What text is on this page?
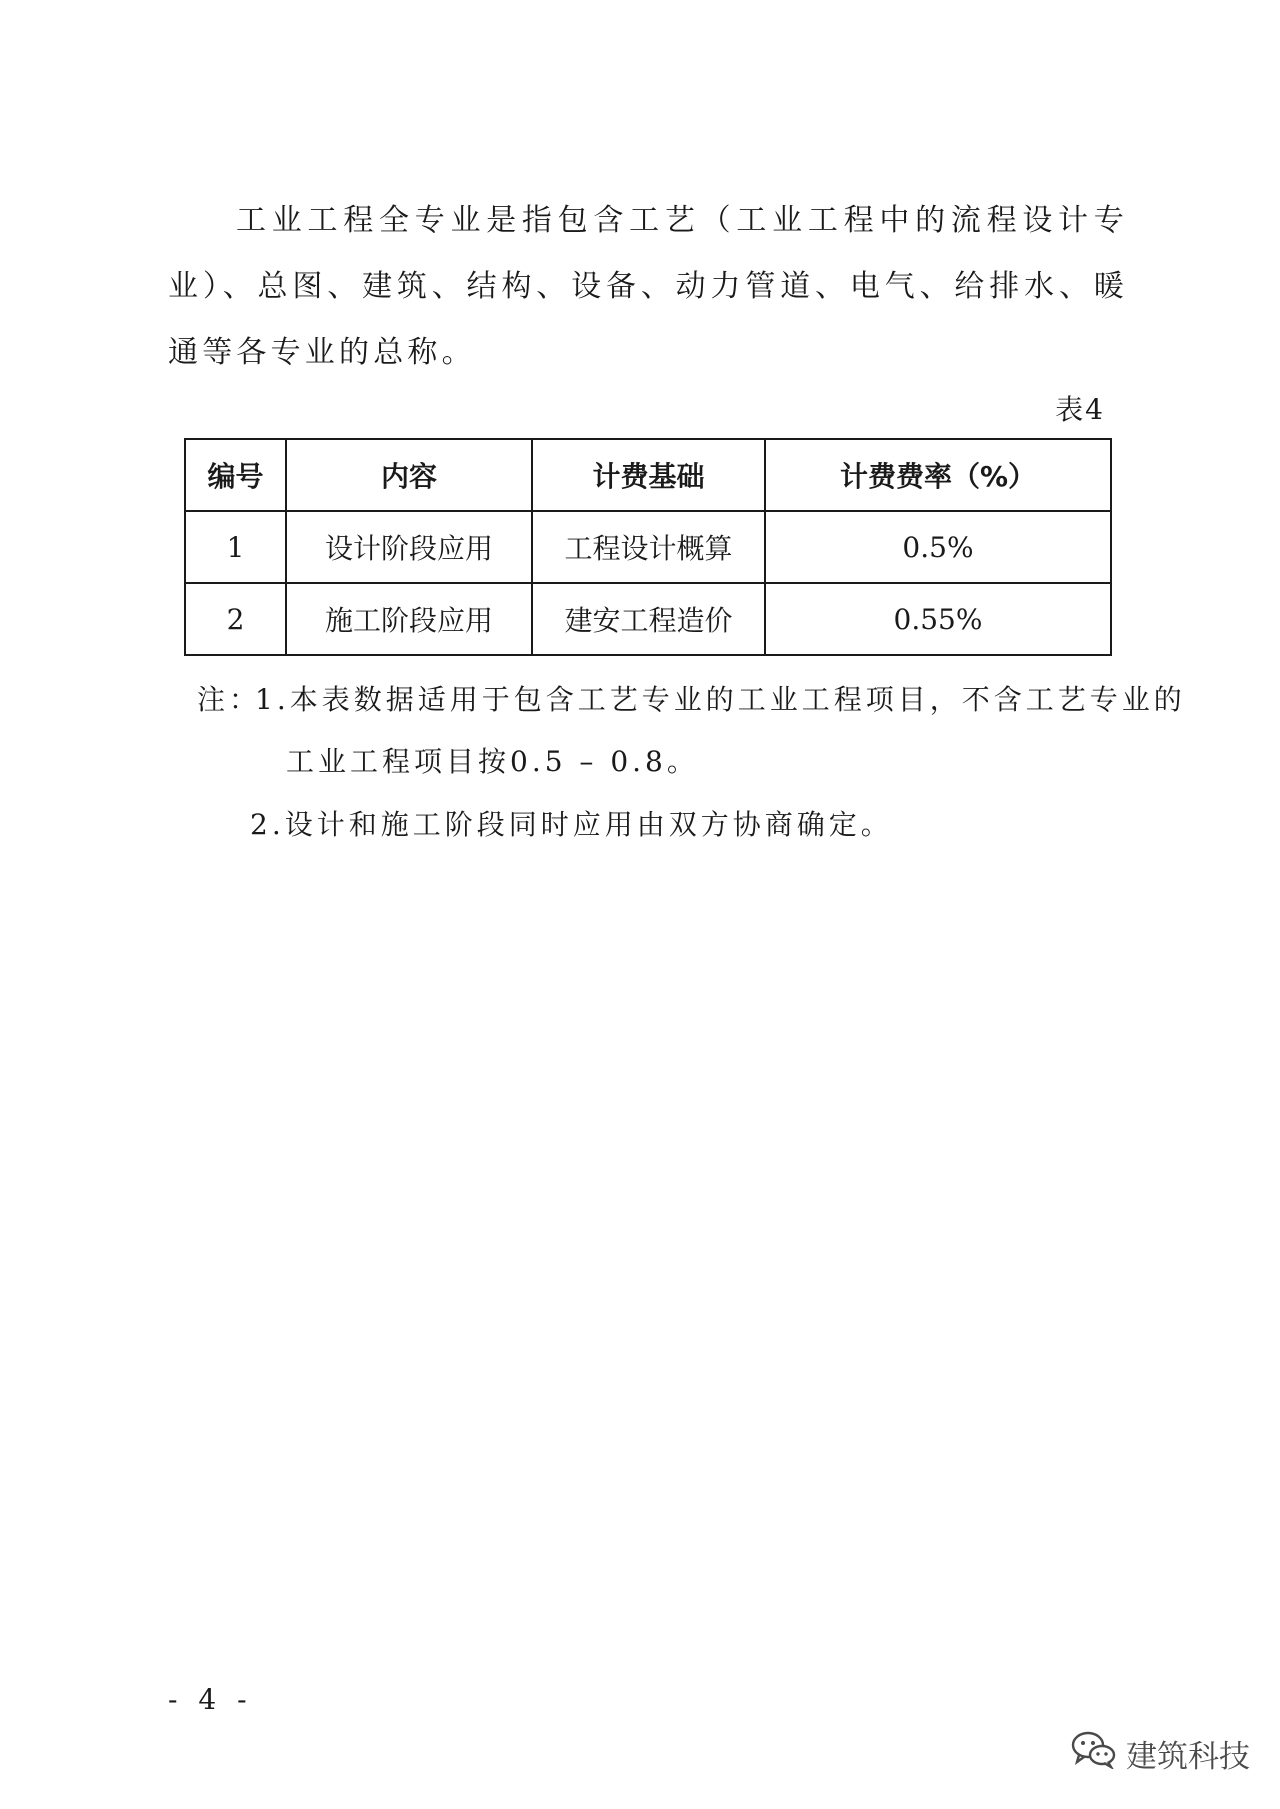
工业工程全专业是指包含工艺（工业工程中的流程设计专业）、总图、建筑、结构、设备、动力管道、电气、给排水、暖通等各专业的总称。

表4
编号	内容	计费基础	计费费率（%）
1	设计阶段应用	工程设计概算	0.5%
2	施工阶段应用	建安工程造价	0.55%
注：
1.本表数据适用于包含工艺专业的工业工程项目，不含工艺专业的
工业工程项目按0.5 – 0.8。
2.设计和施工阶段同时应用由双方协商确定。
- 4 -
建筑科技
